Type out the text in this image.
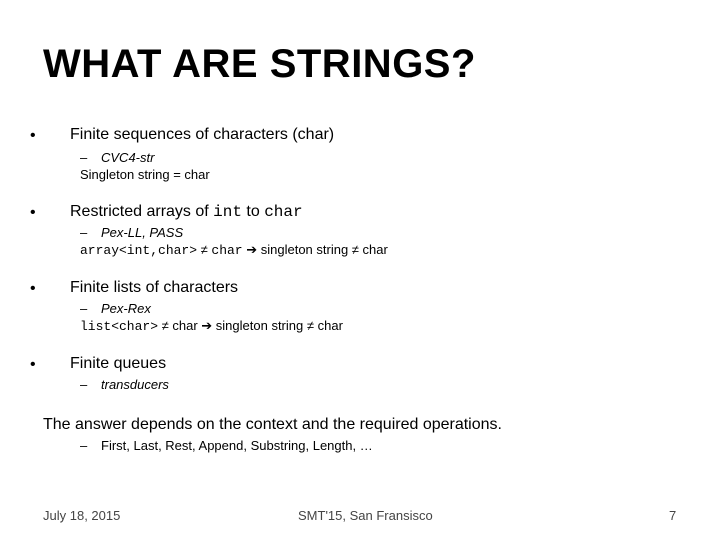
WHAT ARE STRINGS?
• Finite sequences of characters (char)
– CVC4-str
Singleton string = char
• Restricted arrays of int to char
– Pex-LL, PASS
array<int,char> ≠ char ➔ singleton string ≠ char
• Finite lists of characters
– Pex-Rex
list<char> ≠ char ➔ singleton string ≠ char
• Finite queues
– transducers
The answer depends on the context and the required operations.
– First, Last, Rest, Append, Substring, Length, …
July 18, 2015	SMT'15, San Fransisco	7
